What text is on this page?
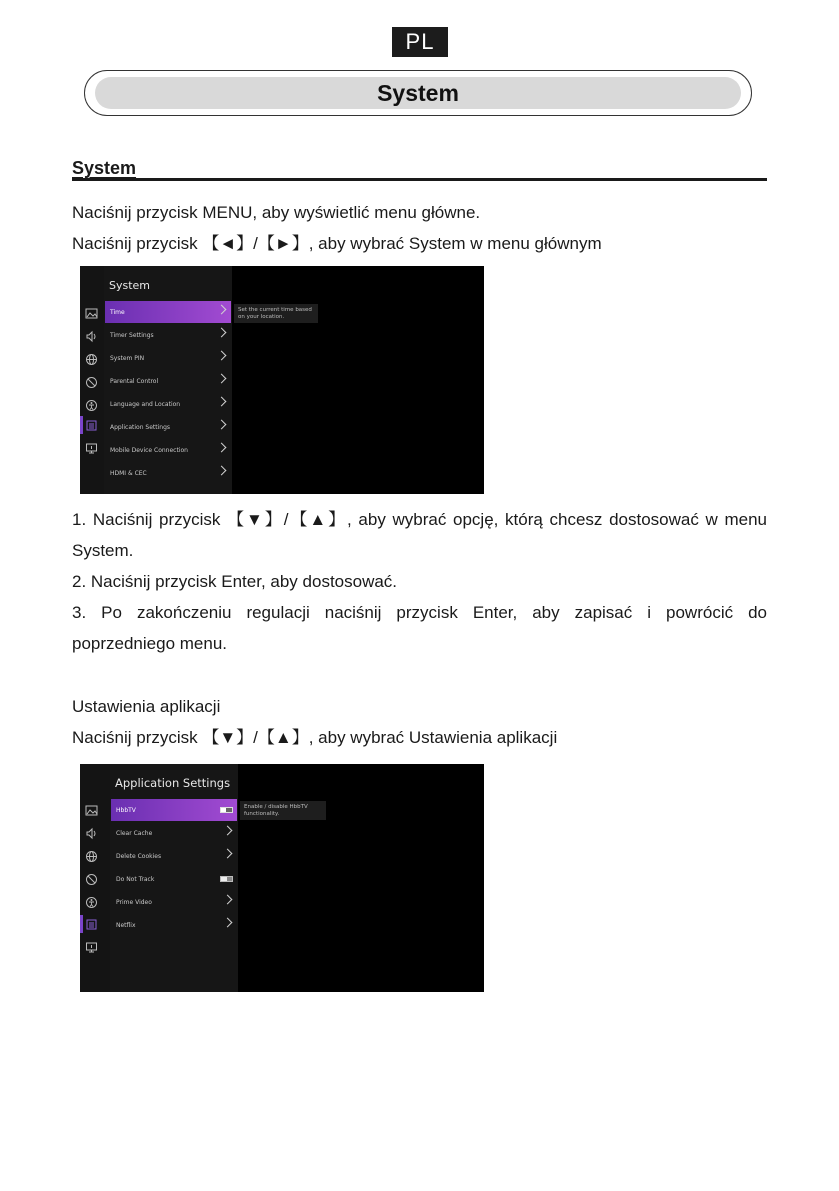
PL
System
System
Naciśnij przycisk MENU, aby wyświetlić menu główne.
Naciśnij przycisk 【◄】/【►】, aby wybrać System w menu głównym
System
Time
Timer Settings
System PIN
Parental Control
Language and Location
Application Settings
Mobile Device Connection
HDMI & CEC
Set the current time based on your location.
1. Naciśnij przycisk 【▼】/【▲】, aby wybrać opcję, którą chcesz dostosować w menu
System.
2. Naciśnij przycisk Enter, aby dostosować.
3. Po zakończeniu regulacji naciśnij przycisk Enter, aby zapisać i powrócić do
poprzedniego menu.
Ustawienia aplikacji
Naciśnij przycisk 【▼】/【▲】, aby wybrać Ustawienia aplikacji
Application Settings
HbbTV
Clear Cache
Delete Cookies
Do Not Track
Prime Video
Netflix
Enable / disable HbbTV functionality.
